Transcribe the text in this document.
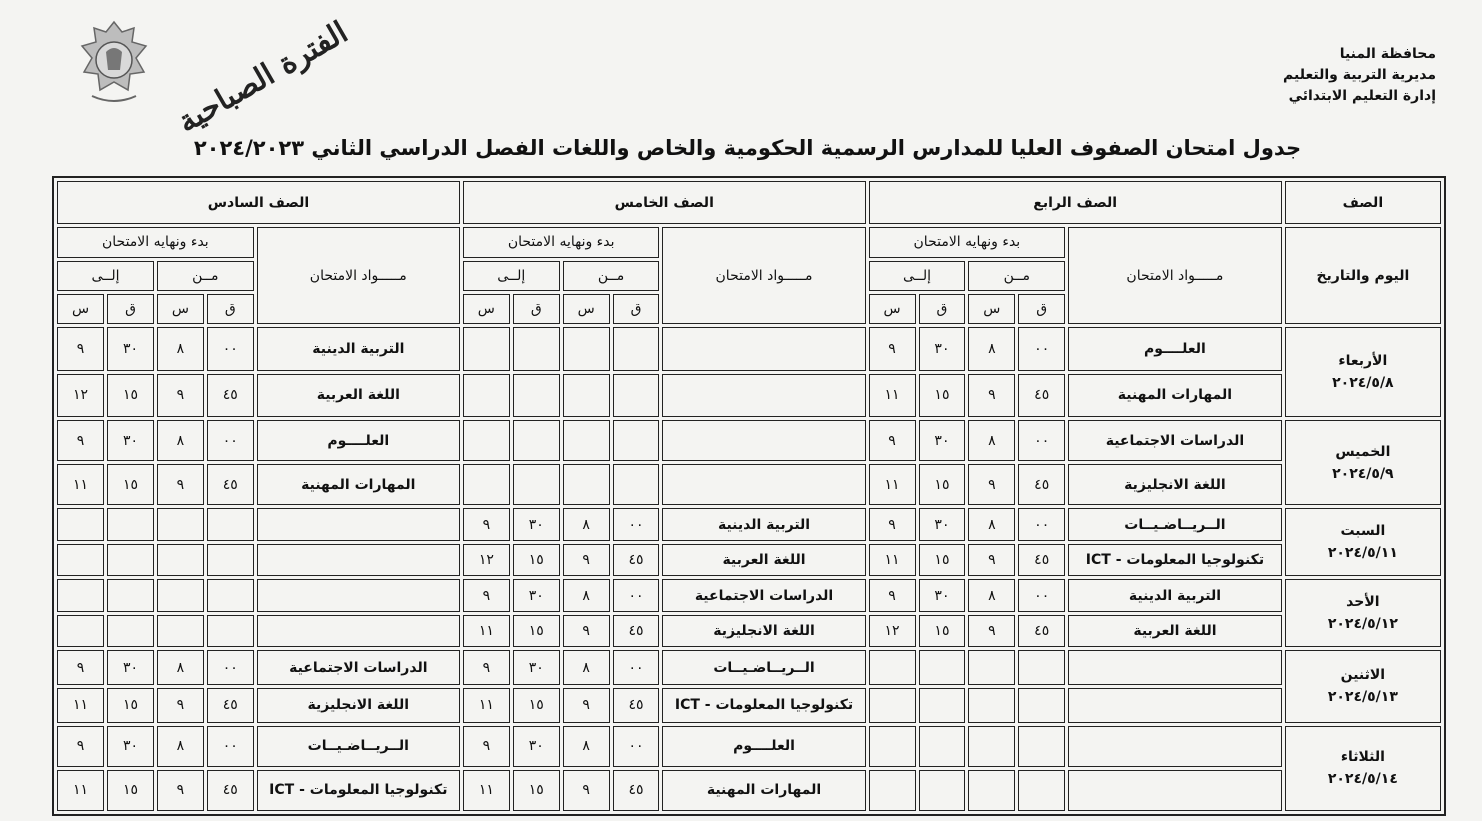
محافظة المنيا
مديرية التربية والتعليم
إدارة التعليم الابتدائي
الفترة الصباحية
جدول امتحان الصفوف العليا للمدارس الرسمية الحكومية والخاص واللغات الفصل الدراسي الثاني ٢٠٢٤/٢٠٢٣
الصف	الصف الرابع					الصف الخامس					الصف السادس				
اليوم والتاريخ	مـــــواد الامتحان	بدء ونهايه الامتحان				مـــــواد الامتحان	بدء ونهايه الامتحان				مـــــواد الامتحان	بدء ونهايه الامتحان			
		مــن		إلــى			مــن		إلــى			مــن		إلــى	
		ق	س	ق	س		ق	س	ق	س		ق	س	ق	س

الأربعاء
٢٠٢٤/٥/٨	العلــــوم	٠٠	٨	٣٠	٩						التربية الدينية	٠٠	٨	٣٠	٩
	المهارات المهنية	٤٥	٩	١٥	١١						اللغة العربية	٤٥	٩	١٥	١٢

الخميس
٢٠٢٤/٥/٩	الدراسات الاجتماعية	٠٠	٨	٣٠	٩						العلــــوم	٠٠	٨	٣٠	٩
	اللغة الانجليزية	٤٥	٩	١٥	١١						المهارات المهنية	٤٥	٩	١٥	١١

السبت
٢٠٢٤/٥/١١	الــريــاضـيــات	٠٠	٨	٣٠	٩	التربية الدينية	٠٠	٨	٣٠	٩					
	تكنولوجيا المعلومات - ICT	٤٥	٩	١٥	١١	اللغة العربية	٤٥	٩	١٥	١٢					

الأحد
٢٠٢٤/٥/١٢	التربية الدينية	٠٠	٨	٣٠	٩	الدراسات الاجتماعية	٠٠	٨	٣٠	٩					
	اللغة العربية	٤٥	٩	١٥	١٢	اللغة الانجليزية	٤٥	٩	١٥	١١					

الاثنين
٢٠٢٤/٥/١٣						الــريــاضـيــات	٠٠	٨	٣٠	٩	الدراسات الاجتماعية	٠٠	٨	٣٠	٩
						تكنولوجيا المعلومات - ICT	٤٥	٩	١٥	١١	اللغة الانجليزية	٤٥	٩	١٥	١١

الثلاثاء
٢٠٢٤/٥/١٤						العلــــوم	٠٠	٨	٣٠	٩	الــريــاضـيــات	٠٠	٨	٣٠	٩
						المهارات المهنية	٤٥	٩	١٥	١١	تكنولوجيا المعلومات - ICT	٤٥	٩	١٥	١١
